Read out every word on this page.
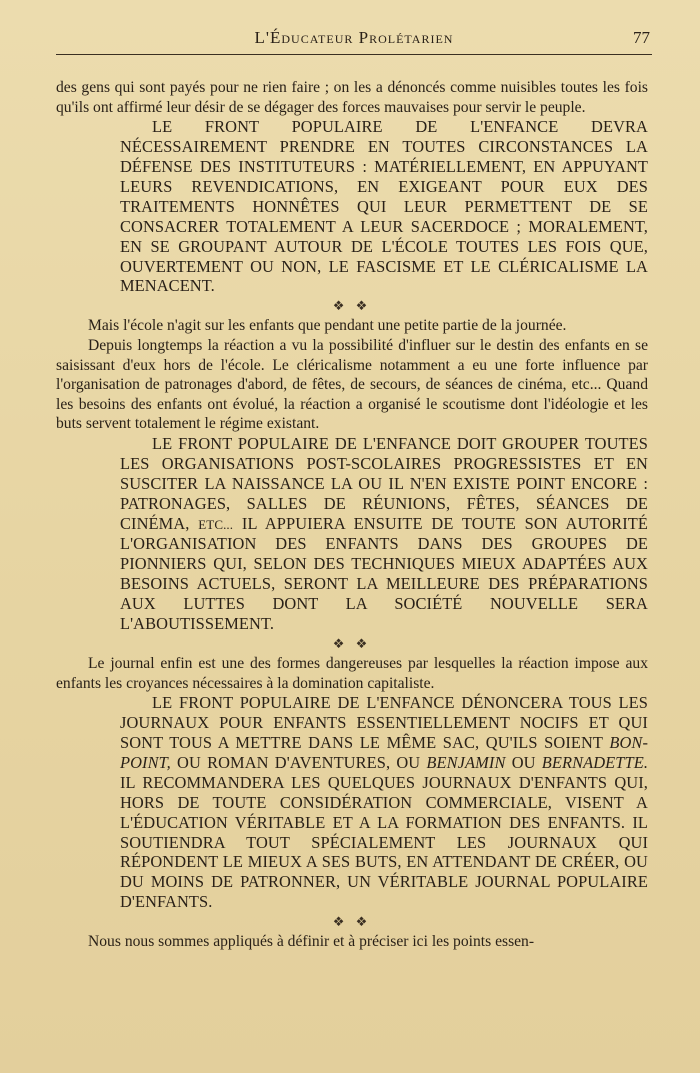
L'Éducateur Prolétarien	77

des gens qui sont payés pour ne rien faire ; on les a dénoncés comme nuisibles toutes les fois qu'ils ont affirmé leur désir de se dégager des forces mauvaises pour servir le peuple.

LE FRONT POPULAIRE DE L'ENFANCE DEVRA NÉCESSAIREMENT PRENDRE EN TOUTES CIRCONSTANCES LA DÉFENSE DES INSTITUTEURS : MATÉRIELLEMENT, EN APPUYANT LEURS REVENDICATIONS, EN EXIGEANT POUR EUX DES TRAITEMENTS HONNÊTES QUI LEUR PERMETTENT DE SE CONSACRER TOTALEMENT A LEUR SACERDOCE ; MORALEMENT, EN SE GROUPANT AUTOUR DE L'ÉCOLE TOUTES LES FOIS QUE, OUVERTEMENT OU NON, LE FASCISME ET LE CLÉRICALISME LA MENACENT.

❖ ❖

Mais l'école n'agit sur les enfants que pendant une petite partie de la journée.

Depuis longtemps la réaction a vu la possibilité d'influer sur le destin des enfants en se saisissant d'eux hors de l'école. Le cléricalisme notamment a eu une forte influence par l'organisation de patronages d'abord, de fêtes, de secours, de séances de cinéma, etc... Quand les besoins des enfants ont évolué, la réaction a organisé le scoutisme dont l'idéologie et les buts servent totalement le régime existant.

LE FRONT POPULAIRE DE L'ENFANCE DOIT GROUPER TOUTES LES ORGANISATIONS POST-SCOLAIRES PROGRESSISTES ET EN SUSCITER LA NAISSANCE LA OU IL N'EN EXISTE POINT ENCORE : PATRONAGES, SALLES DE RÉUNIONS, FÊTES, SÉANCES DE CINÉMA, ETC... IL APPUIERA ENSUITE DE TOUTE SON AUTORITÉ L'ORGANISATION DES ENFANTS DANS DES GROUPES DE PIONNIERS QUI, SELON DES TECHNIQUES MIEUX ADAPTÉES AUX BESOINS ACTUELS, SERONT LA MEILLEURE DES PRÉPARATIONS AUX LUTTES DONT LA SOCIÉTÉ NOUVELLE SERA L'ABOUTISSEMENT.

❖ ❖

Le journal enfin est une des formes dangereuses par lesquelles la réaction impose aux enfants les croyances nécessaires à la domination capitaliste.

LE FRONT POPULAIRE DE L'ENFANCE DÉNONCERA TOUS LES JOURNAUX POUR ENFANTS ESSENTIELLEMENT NOCIFS ET QUI SONT TOUS A METTRE DANS LE MÊME SAC, QU'ILS SOIENT BON-POINT, OU ROMAN D'AVENTURES, OU BENJAMIN OU BERNADETTE. IL RECOMMANDERA LES QUELQUES JOURNAUX D'ENFANTS QUI, HORS DE TOUTE CONSIDÉRATION COMMERCIALE, VISENT A L'ÉDUCATION VÉRITABLE ET A LA FORMATION DES ENFANTS. IL SOUTIENDRA TOUT SPÉCIALEMENT LES JOURNAUX QUI RÉPONDENT LE MIEUX A SES BUTS, EN ATTENDANT DE CRÉER, OU DU MOINS DE PATRONNER, UN VÉRITABLE JOURNAL POPULAIRE D'ENFANTS.

❖ ❖

Nous nous sommes appliqués à définir et à préciser ici les points essen-
